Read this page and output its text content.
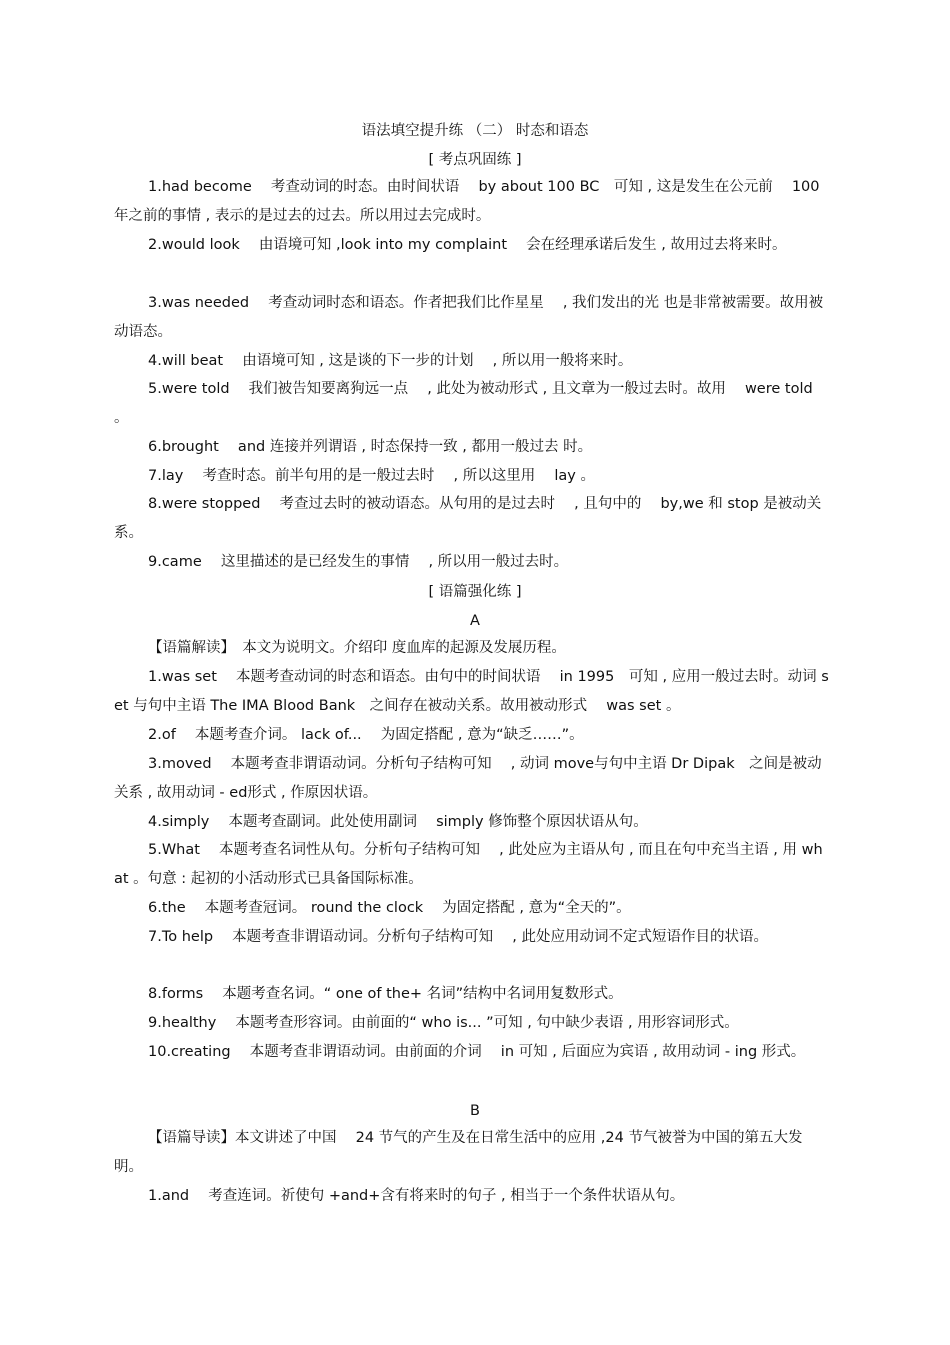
语法填空提升练 （二） 时态和语态
[ 考点巩固练 ]
1.had become　 考查动词的时态。由时间状语　 by about 100 BC　可知 , 这是发生在公元前　 100 年之前的事情 , 表示的是过去的过去。所以用过去完成时。
2.would look　 由语境可知 ,look into my complaint　 会在经理承诺后发生 , 故用过去将来时。
3.was needed　 考查动词时态和语态。作者把我们比作星星　 , 我们发出的光 也是非常被需要。故用被动语态。
4.will beat　 由语境可知 , 这是谈的下一步的计划　 , 所以用一般将来时。
5.were told　 我们被告知要离狗远一点　 , 此处为被动形式 , 且文章为一般过去时。故用　 were told 。
6.brought　 and 连接并列谓语 , 时态保持一致 , 都用一般过去 时。
7.lay　 考查时态。前半句用的是一般过去时　 , 所以这里用　 lay 。
8.were stopped　 考查过去时的被动语态。从句用的是过去时　 , 且句中的　 by,we 和 stop 是被动关系。
9.came　 这里描述的是已经发生的事情　 , 所以用一般过去时。
[ 语篇强化练 ]
A
【语篇解读】　本文为说明文。介绍印 度血库的起源及发展历程。
1.was set　 本题考查动词的时态和语态。由句中的时间状语　 in 1995　可知 , 应用一般过去时。动词 set 与句中主语 The IMA Blood Bank　之间存在被动关系。故用被动形式　 was set 。
2.of　 本题考查介词。 lack of...　 为固定搭配 , 意为“缺乏……”。
3.moved　 本题考查非谓语动词。分析句子结构可知　 , 动词 move与句中主语 Dr Dipak　之间是被动关系 , 故用动词 - ed形式 , 作原因状语。
4.simply　 本题考查副词。此处使用副词　 simply 修饰整个原因状语从句。
5.What　 本题考查名词性从句。分析句子结构可知　 , 此处应为主语从句 , 而且在句中充当主语 , 用 what 。句意 : 起初的小活动形式已具备国际标准。
6.the　 本题考查冠词。 round the clock　 为固定搭配 , 意为“全天的”。
7.To help　 本题考查非谓语动词。分析句子结构可知　 , 此处应用动词不定式短语作目的状语。
8.forms　 本题考查名词。“ one of the+ 名词”结构中名词用复数形式。
9.healthy　 本题考查形容词。由前面的“ who is... ”可知 , 句中缺少表语 , 用形容词形式。
10.creating　 本题考查非谓语动词。由前面的介词　 in 可知 , 后面应为宾语 , 故用动词 - ing 形式。
B
【语篇导读】本文讲述了中国　 24 节气的产生及在日常生活中的应用 ,24 节气被誉为中国的第五大发明。
1.and　 考查连词。祈使句 +and+含有将来时的句子 , 相当于一个条件状语从句。
